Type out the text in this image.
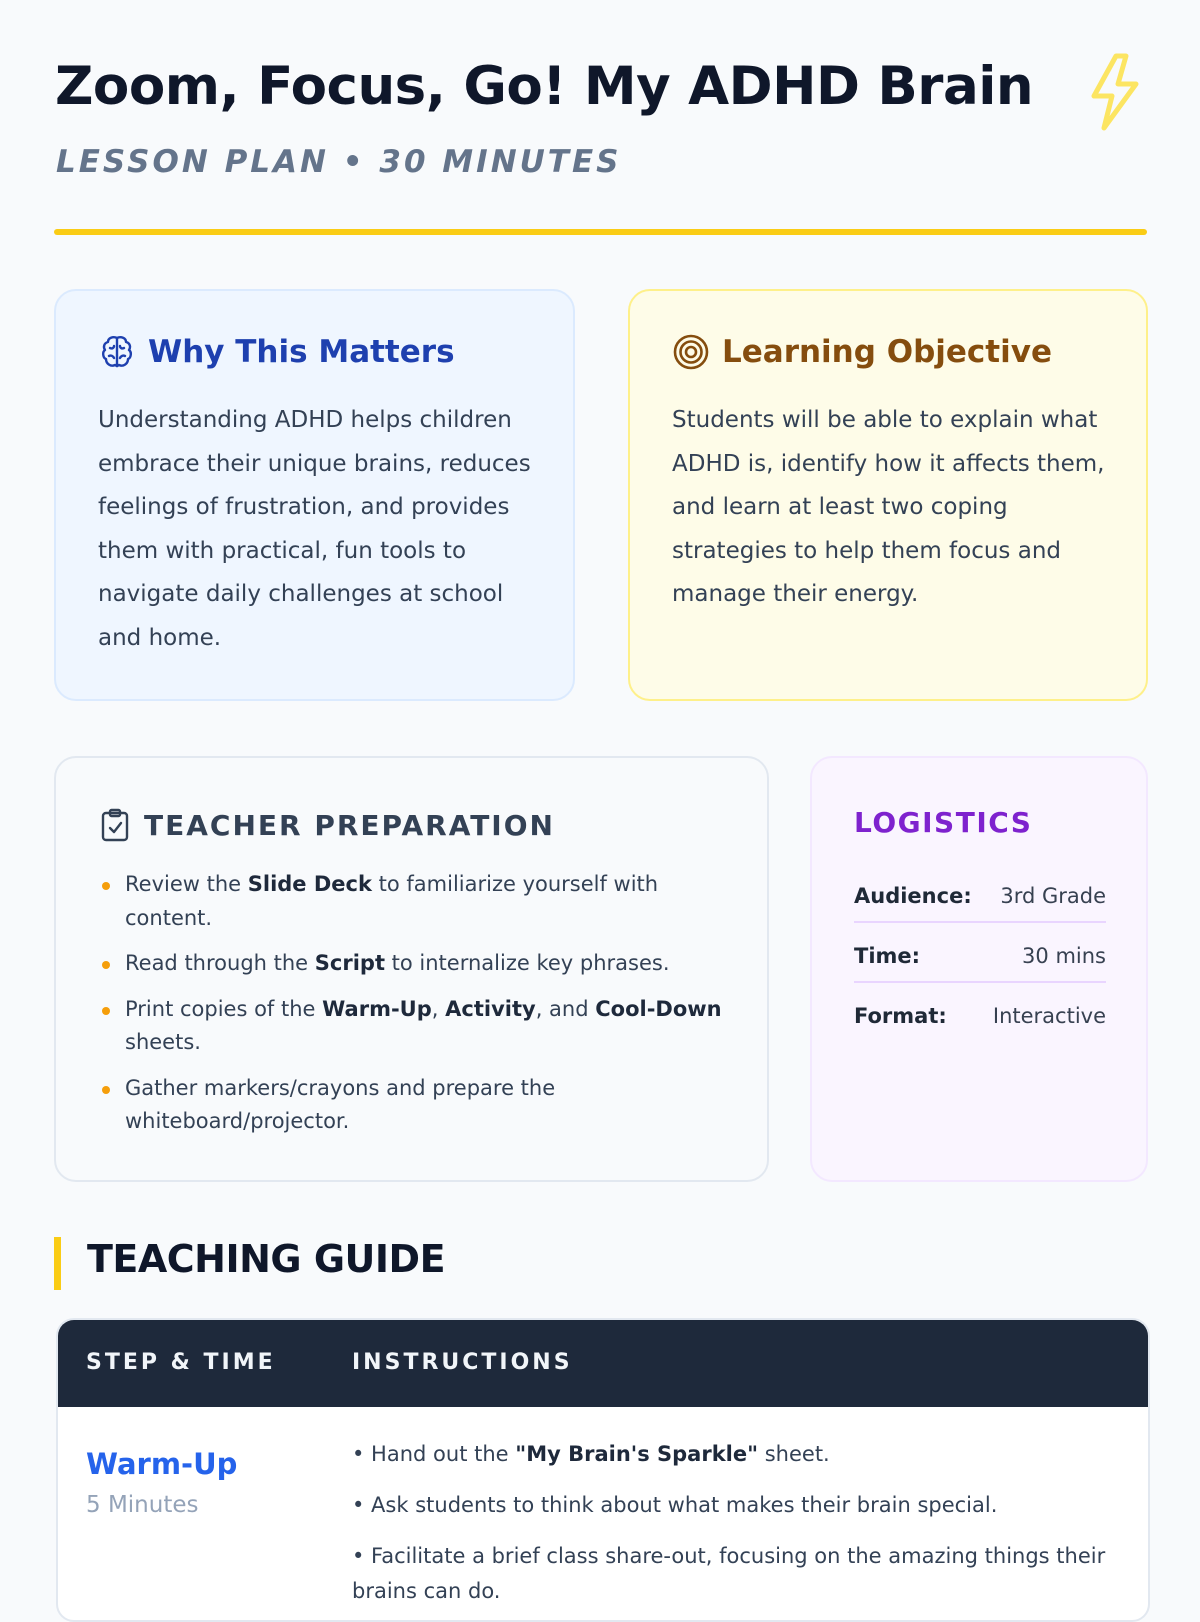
Zoom, Focus, Go! My ADHD Brain

LESSON PLAN • 30 MINUTES

Why This Matters

Understanding ADHD helps children embrace their unique brains, reduces feelings of frustration, and provides them with practical, fun tools to navigate daily challenges at school and home.

Learning Objective

Students will be able to explain what ADHD is, identify how it affects them, and learn at least two coping strategies to help them focus and manage their energy.

TEACHER PREPARATION
Review the Slide Deck to familiarize yourself with content.
Read through the Script to internalize key phrases.
Print copies of the Warm-Up, Activity, and Cool-Down sheets.
Gather markers/crayons and prepare the whiteboard/projector.
LOGISTICS
Audience: 3rd Grade
Time:	30 mins
Format: Interactive
TEACHING GUIDE
STEP & TIME	INSTRUCTIONS

Warm-Up

5 Minutes

• Hand out the "My Brain's Sparkle" sheet.
• Ask students to think about what makes their brain special.
• Facilitate a brief class share-out, focusing on the amazing things their brains can do.
